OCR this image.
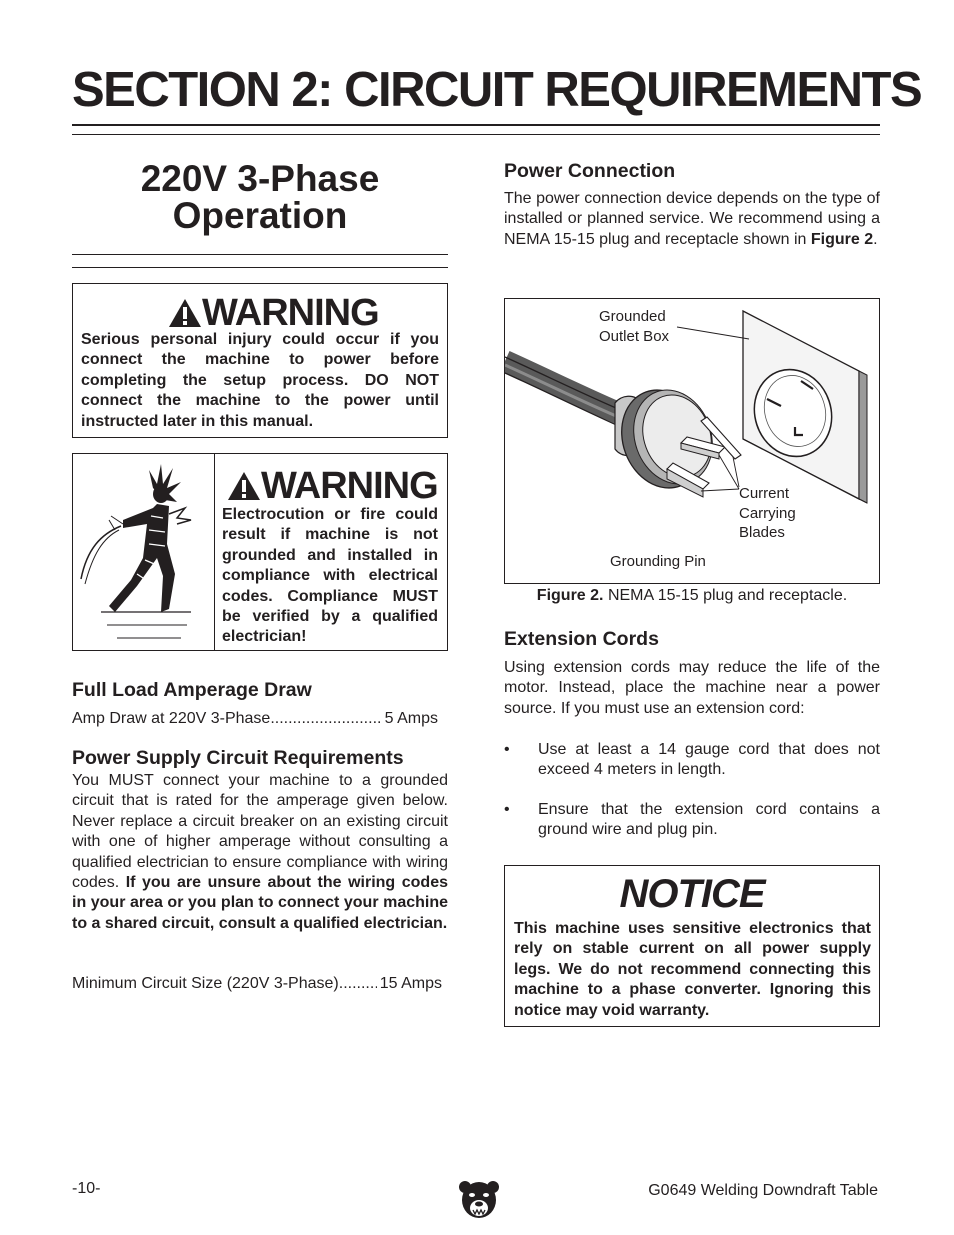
SECTION 2: CIRCUIT REQUIREMENTS
220V 3-Phase
Operation
WARNING
Serious personal injury could occur if you connect the machine to power before completing the setup process. DO NOT connect the machine to the power until instructed later in this manual.
WARNING
Electrocution or fire could result if machine is not grounded and installed in compliance with electrical codes. Compliance MUST be verified by a qualified electrician!
Full Load Amperage Draw
Amp Draw at 220V 3-Phase .....	5 Amps
Power Supply Circuit Requirements

You MUST connect your machine to a grounded circuit that is rated for the amperage given below. Never replace a circuit breaker on an existing circuit with one of higher amperage without consulting a qualified electrician to ensure compliance with wiring codes. If you are unsure about the wiring codes in your area or you plan to connect your machine to a shared circuit, consult a qualified electrician.

Minimum Circuit Size (220V 3-Phase) .....	15 Amps
Power Connection

The power connection device depends on the type of installed or planned service. We recommend using a NEMA 15-15 plug and receptacle shown in Figure 2.

Grounded
Outlet Box
Current
Carrying
Blades
Grounding Pin
Figure 2. NEMA 15-15 plug and receptacle.
Extension Cords

Using extension cords may reduce the life of the motor. Instead, place the machine near a power source. If you must use an extension cord:

•	Use at least a 14 gauge cord that does not exceed 4 meters in length.
•	Ensure that the extension cord contains a ground wire and plug pin.
NOTICE
This machine uses sensitive electronics that rely on stable current on all power supply legs. We do not recommend connecting this machine to a phase converter. Ignoring this notice may void warranty.
-10-	G0649 Welding Downdraft Table
